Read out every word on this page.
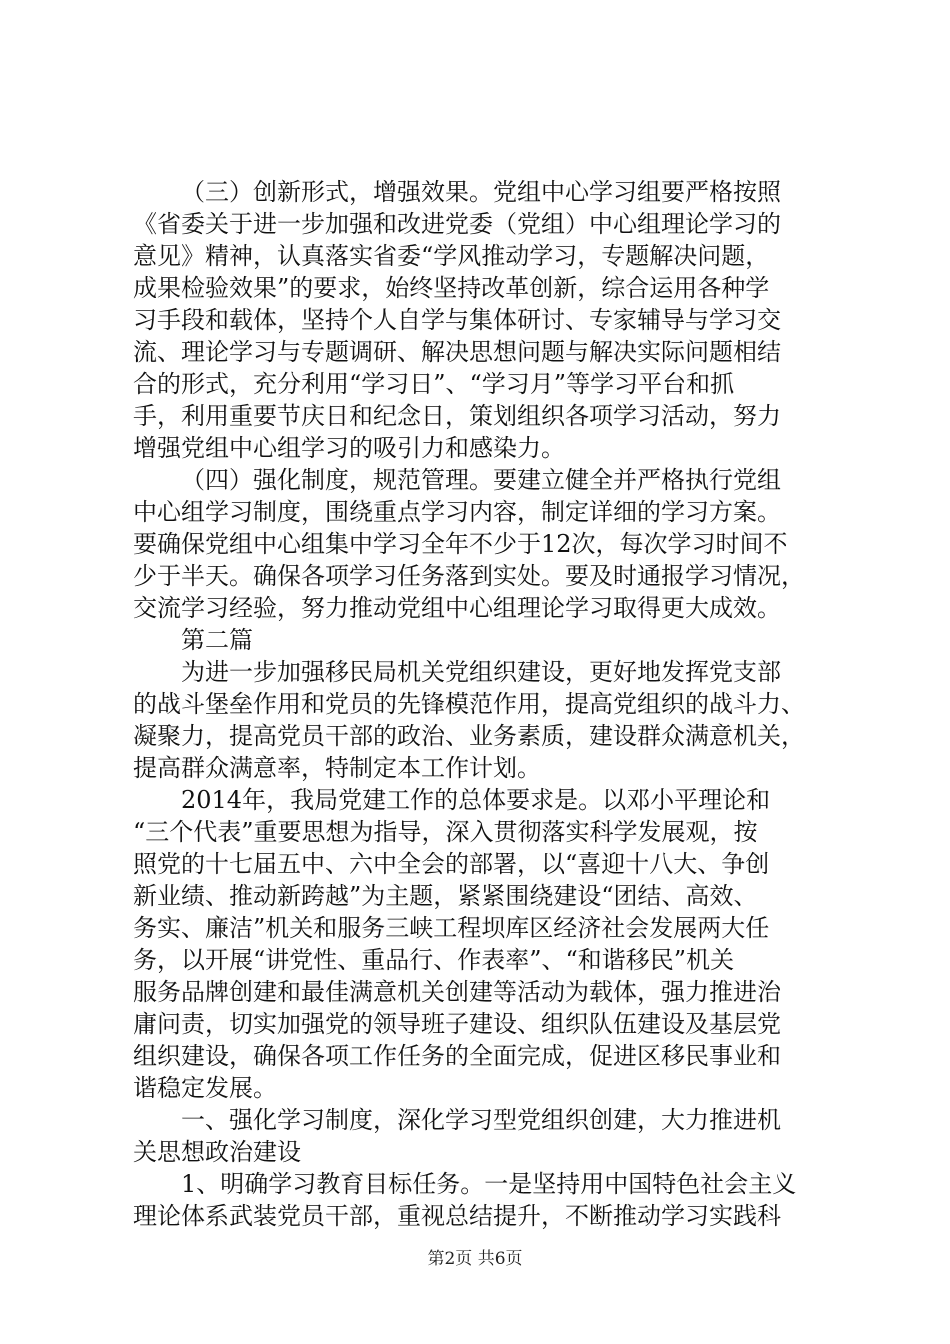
（三）创新形式，增强效果。党组中心学习组要严格按照
《省委关于进一步加强和改进党委（党组）中心组理论学习的
意见》精神，认真落实省委“学风推动学习，专题解决问题，
成果检验效果”的要求，始终坚持改革创新，综合运用各种学
习手段和载体，坚持个人自学与集体研讨、专家辅导与学习交
流、理论学习与专题调研、解决思想问题与解决实际问题相结
合的形式，充分利用“学习日”、“学习月”等学习平台和抓
手，利用重要节庆日和纪念日，策划组织各项学习活动，努力
增强党组中心组学习的吸引力和感染力。
（四）强化制度，规范管理。要建立健全并严格执行党组
中心组学习制度，围绕重点学习内容，制定详细的学习方案。
要确保党组中心组集中学习全年不少于12次，每次学习时间不
少于半天。确保各项学习任务落到实处。要及时通报学习情况，
交流学习经验，努力推动党组中心组理论学习取得更大成效。
第二篇
为进一步加强移民局机关党组织建设，更好地发挥党支部
的战斗堡垒作用和党员的先锋模范作用，提高党组织的战斗力、
凝聚力，提高党员干部的政治、业务素质，建设群众满意机关，
提高群众满意率，特制定本工作计划。
2014年，我局党建工作的总体要求是。以邓小平理论和
“三个代表”重要思想为指导，深入贯彻落实科学发展观，按
照党的十七届五中、六中全会的部署，以“喜迎十八大、争创
新业绩、推动新跨越”为主题，紧紧围绕建设“团结、高效、
务实、廉洁”机关和服务三峡工程坝库区经济社会发展两大任
务，以开展“讲党性、重品行、作表率”、“和谐移民”机关
服务品牌创建和最佳满意机关创建等活动为载体，强力推进治
庸问责，切实加强党的领导班子建设、组织队伍建设及基层党
组织建设，确保各项工作任务的全面完成，促进区移民事业和
谐稳定发展。
一、强化学习制度，深化学习型党组织创建，大力推进机
关思想政治建设
1、明确学习教育目标任务。一是坚持用中国特色社会主义
理论体系武装党员干部，重视总结提升，不断推动学习实践科
第2页 共6页
